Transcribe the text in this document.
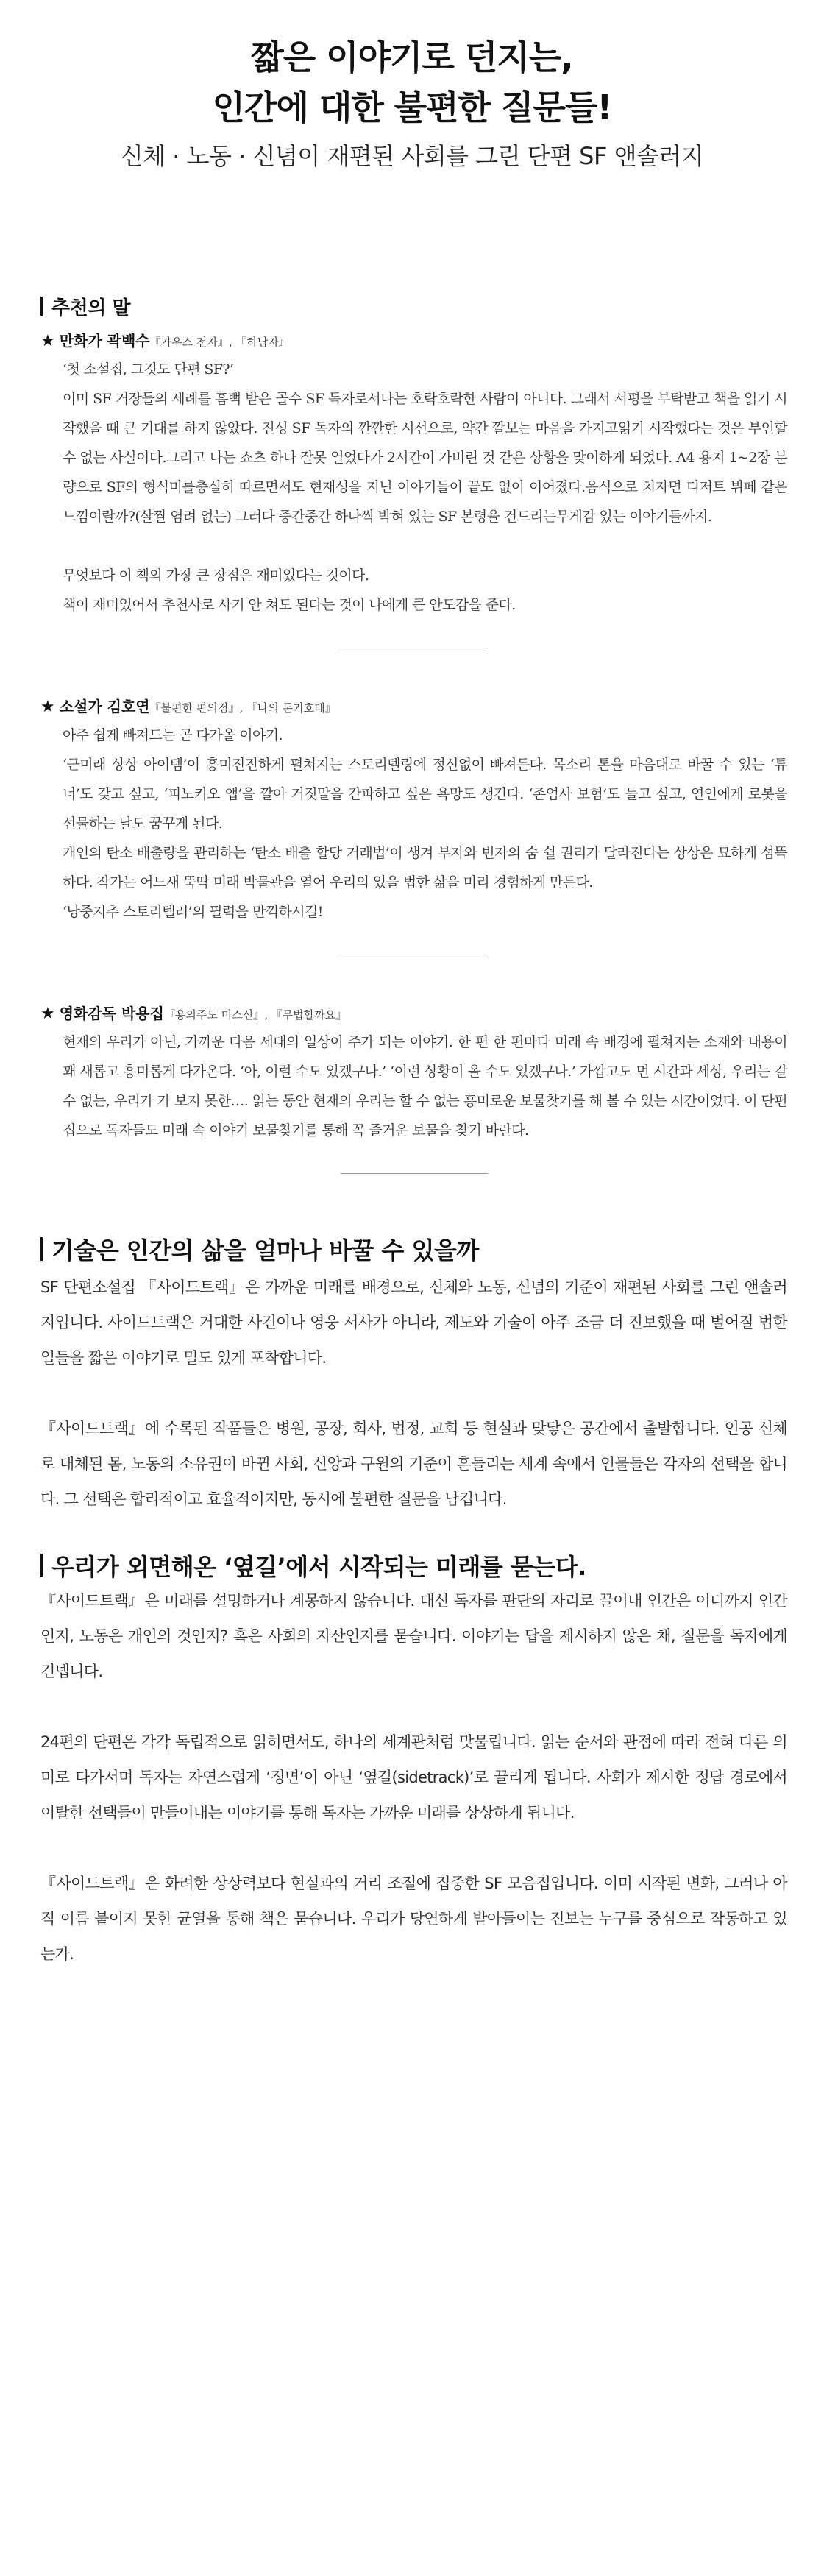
짧은 이야기로 던지는,
인간에 대한 불편한 질문들!

신체 · 노동 · 신념이 재편된 사회를 그린 단편 SF 앤솔러지

추천의 말
★ 만화가 곽백수『가우스 전자』, 『하남자』

‘첫 소설집, 그것도 단편 SF?’

이미 SF 거장들의 세례를 흠뻑 받은 골수 SF 독자로서나는 호락호락한 사람이 아니다. 그래서 서평을 부탁받고 책을 읽기 시작했을 때 큰 기대를 하지 않았다. 진성 SF 독자의 깐깐한 시선으로, 약간 깔보는 마음을 가지고읽기 시작했다는 것은 부인할 수 없는 사실이다.그리고 나는 쇼츠 하나 잘못 열었다가 2시간이 가버린 것 같은 상황을 맞이하게 되었다. A4 용지 1~2장 분량으로 SF의 형식미를충실히 따르면서도 현재성을 지닌 이야기들이 끝도 없이 이어졌다.음식으로 치자면 디저트 뷔페 같은 느낌이랄까?(살찔 염려 없는) 그러다 중간중간 하나씩 박혀 있는 SF 본령을 건드리는무게감 있는 이야기들까지.

무엇보다 이 책의 가장 큰 장점은 재미있다는 것이다.

책이 재미있어서 추천사로 사기 안 쳐도 된다는 것이 나에게 큰 안도감을 준다.

★ 소설가 김호연『불편한 편의점』, 『나의 돈키호테』

아주 쉽게 빠져드는 곧 다가올 이야기.

‘근미래 상상 아이템’이 흥미진진하게 펼쳐지는 스토리텔링에 정신없이 빠져든다. 목소리 톤을 마음대로 바꿀 수 있는 ‘튜너’도 갖고 싶고, ‘피노키오 앱’을 깔아 거짓말을 간파하고 싶은 욕망도 생긴다. ‘존엄사 보험’도 들고 싶고, 연인에게 로봇을 선물하는 날도 꿈꾸게 된다.

개인의 탄소 배출량을 관리하는 ‘탄소 배출 할당 거래법’이 생겨 부자와 빈자의 숨 쉴 권리가 달라진다는 상상은 묘하게 섬뜩하다. 작가는 어느새 뚝딱 미래 박물관을 열어 우리의 있을 법한 삶을 미리 경험하게 만든다.

‘낭중지추 스토리텔러’의 필력을 만끽하시길!

★ 영화감독 박용집『용의주도 미스신』, 『무법할까요』

현재의 우리가 아닌, 가까운 다음 세대의 일상이 주가 되는 이야기. 한 편 한 편마다 미래 속 배경에 펼쳐지는 소재와 내용이 꽤 새롭고 흥미롭게 다가온다. ‘아, 이럴 수도 있겠구나.’ ‘이런 상황이 올 수도 있겠구나.’ 가깝고도 먼 시간과 세상, 우리는 갈 수 없는, 우리가 가 보지 못한…. 읽는 동안 현재의 우리는 할 수 없는 흥미로운 보물찾기를 해 볼 수 있는 시간이었다. 이 단편집으로 독자들도 미래 속 이야기 보물찾기를 통해 꼭 즐거운 보물을 찾기 바란다.

기술은 인간의 삶을 얼마나 바꿀 수 있을까

SF 단편소설집 『사이드트랙』은 가까운 미래를 배경으로, 신체와 노동, 신념의 기준이 재편된 사회를 그린 앤솔러지입니다. 사이드트랙은 거대한 사건이나 영웅 서사가 아니라, 제도와 기술이 아주 조금 더 진보했을 때 벌어질 법한 일들을 짧은 이야기로 밀도 있게 포착합니다.

『사이드트랙』에 수록된 작품들은 병원, 공장, 회사, 법정, 교회 등 현실과 맞닿은 공간에서 출발합니다. 인공 신체로 대체된 몸, 노동의 소유권이 바뀐 사회, 신앙과 구원의 기준이 흔들리는 세계 속에서 인물들은 각자의 선택을 합니다. 그 선택은 합리적이고 효율적이지만, 동시에 불편한 질문을 남깁니다.

우리가 외면해온 ‘옆길’에서 시작되는 미래를 묻는다.

『사이드트랙』은 미래를 설명하거나 계몽하지 않습니다. 대신 독자를 판단의 자리로 끌어내 인간은 어디까지 인간인지, 노동은 개인의 것인지? 혹은 사회의 자산인지를 묻습니다. 이야기는 답을 제시하지 않은 채, 질문을 독자에게 건넵니다.

24편의 단편은 각각 독립적으로 읽히면서도, 하나의 세계관처럼 맞물립니다. 읽는 순서와 관점에 따라 전혀 다른 의미로 다가서며 독자는 자연스럽게 ‘정면’이 아닌 ‘옆길(sidetrack)’로 끌리게 됩니다. 사회가 제시한 정답 경로에서 이탈한 선택들이 만들어내는 이야기를 통해 독자는 가까운 미래를 상상하게 됩니다.

『사이드트랙』은 화려한 상상력보다 현실과의 거리 조절에 집중한 SF 모음집입니다. 이미 시작된 변화, 그러나 아직 이름 붙이지 못한 균열을 통해 책은 묻습니다. 우리가 당연하게 받아들이는 진보는 누구를 중심으로 작동하고 있는가.
